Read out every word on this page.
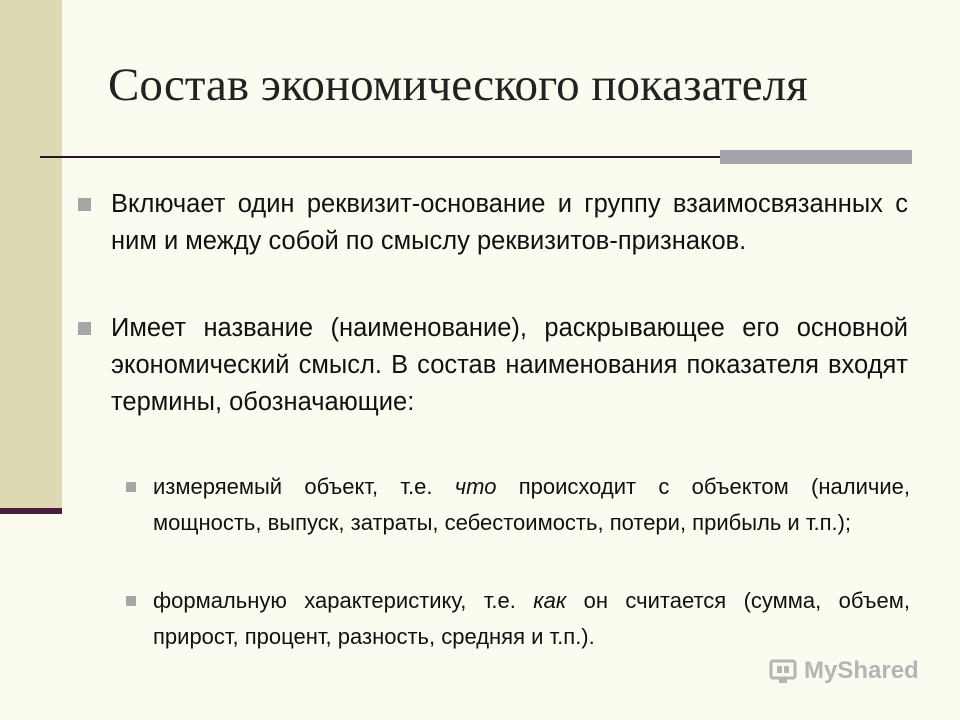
Состав экономического показателя
Включает один реквизит-основание и группу взаимосвязанных с ним и между собой по смыслу реквизитов-признаков.
Имеет название (наименование), раскрывающее его основной экономический смысл. В состав наименования показателя входят термины, обозначающие:
измеряемый объект, т.е. что происходит с объектом (наличие, мощность, выпуск, затраты, себестоимость, потери, прибыль и т.п.);
формальную характеристику, т.е. как он считается (сумма, объем, прирост, процент, разность, средняя и т.п.).
MyShared
